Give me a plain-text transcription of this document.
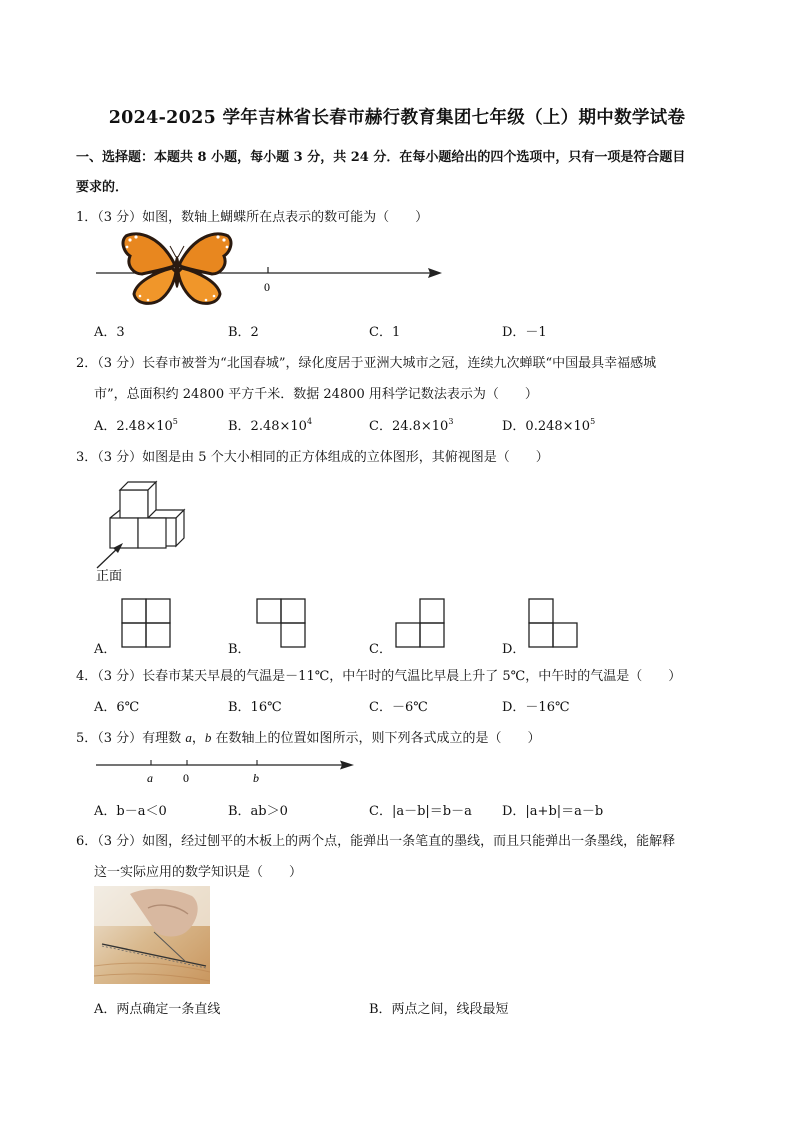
2024-2025 学年吉林省长春市赫行教育集团七年级（上）期中数学试卷
一、选择题：本题共 8 小题，每小题 3 分，共 24 分．在每小题给出的四个选项中，只有一项是符合题目
要求的．
1．（3 分）如图，数轴上蝴蝶所在点表示的数可能为（　　）
0
A．3	B．2	C．1	D．－1
2．（3 分）长春市被誉为“北国春城”，绿化度居于亚洲大城市之冠，连续九次蝉联“中国最具幸福感城
市”，总面积约 24800 平方千米．数据 24800 用科学记数法表示为（　　）
A．$2.48\times 10^5$	B．$2.48\times 10^4$	C．$24.8\times 10^3$	D．$0.248\times 10^5$
3．（3 分）如图是由 5 个大小相同的正方体组成的立体图形，其俯视图是（　　）
正面
A．	B．	C．	D．
4．（3 分）长春市某天早晨的气温是－11℃，中午时的气温比早晨上升了 5℃，中午时的气温是（　　）
A．6℃	B．16℃	C．－6℃	D．－16℃
5．（3 分）有理数 a，b 在数轴上的位置如图所示，则下列各式成立的是（　　）
a	0	b
A．b－a＜0	B．ab＞0	C．|a－b|＝b－a D．|a+b|＝a－b
6．（3 分）如图，经过刨平的木板上的两个点，能弹出一条笔直的墨线，而且只能弹出一条墨线，能解释
这一实际应用的数学知识是（　　）
A．两点确定一条直线	B．两点之间，线段最短
